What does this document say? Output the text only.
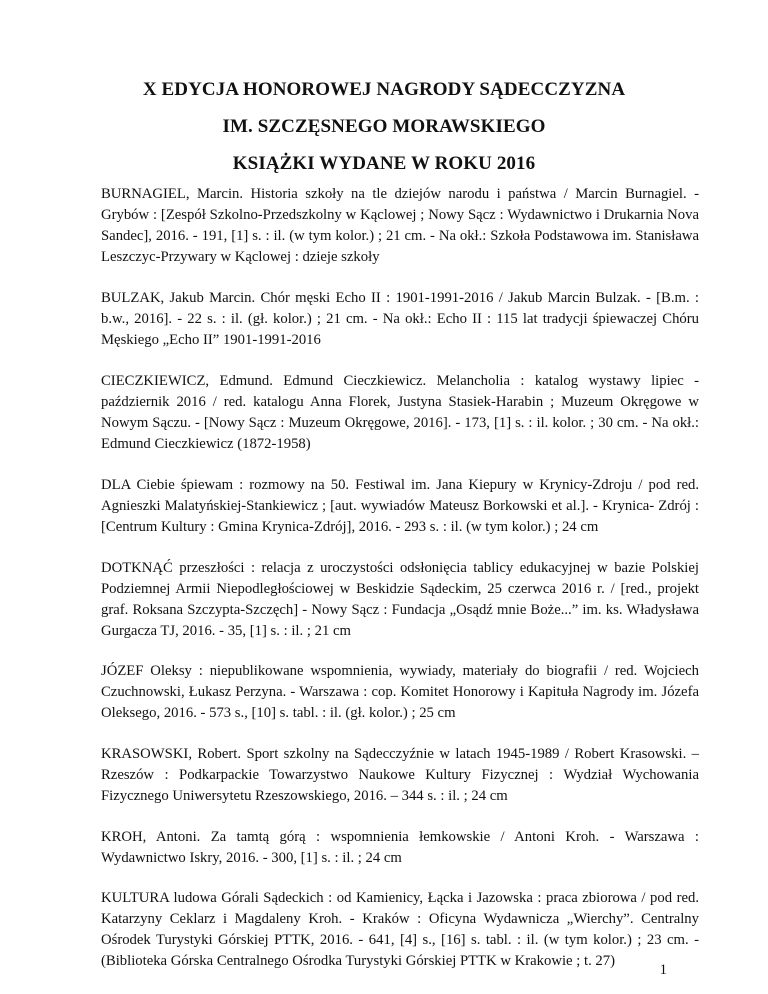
X EDYCJA HONOROWEJ NAGRODY SĄDECCZYZNA
IM. SZCZĘSNEGO MORAWSKIEGO
KSIĄŻKI WYDANE W ROKU 2016

BURNAGIEL, Marcin. Historia szkoły na tle dziejów narodu i państwa / Marcin Burnagiel. - Grybów : [Zespół Szkolno-Przedszkolny w Kąclowej ; Nowy Sącz : Wydawnictwo i Drukarnia Nova Sandec], 2016. - 191, [1] s. : il. (w tym kolor.) ; 21 cm. - Na okł.: Szkoła Podstawowa im. Stanisława Leszczyc-Przywary w Kąclowej : dzieje szkoły

BULZAK, Jakub Marcin. Chór męski Echo II : 1901-1991-2016 / Jakub Marcin Bulzak. - [B.m. : b.w., 2016]. - 22 s. : il. (gł. kolor.) ; 21 cm. - Na okł.: Echo II : 115 lat tradycji śpiewaczej Chóru Męskiego „Echo II” 1901-1991-2016

CIECZKIEWICZ, Edmund. Edmund Cieczkiewicz. Melancholia : katalog wystawy lipiec - październik 2016 / red. katalogu Anna Florek, Justyna Stasiek-Harabin ; Muzeum Okręgowe w Nowym Sączu. - [Nowy Sącz : Muzeum Okręgowe, 2016]. - 173, [1] s. : il. kolor. ; 30 cm. - Na okł.: Edmund Cieczkiewicz (1872-1958)

DLA Ciebie śpiewam : rozmowy na 50. Festiwal im. Jana Kiepury w Krynicy-Zdroju / pod red. Agnieszki Malatyńskiej-Stankiewicz ; [aut. wywiadów Mateusz Borkowski et al.]. - Krynica- Zdrój : [Centrum Kultury : Gmina Krynica-Zdrój], 2016. - 293 s. : il. (w tym kolor.) ; 24 cm

DOTKNĄĆ przeszłości : relacja z uroczystości odsłonięcia tablicy edukacyjnej w bazie Polskiej Podziemnej Armii Niepodległościowej w Beskidzie Sądeckim, 25 czerwca 2016 r. / [red., projekt graf. Roksana Szczypta-Szczęch] - Nowy Sącz : Fundacja „Osądź mnie Boże...” im. ks. Władysława Gurgacza TJ, 2016. - 35, [1] s. : il. ; 21 cm

JÓZEF Oleksy : niepublikowane wspomnienia, wywiady, materiały do biografii / red. Wojciech Czuchnowski, Łukasz Perzyna. - Warszawa : cop. Komitet Honorowy i Kapituła Nagrody im. Józefa Oleksego, 2016. - 573 s., [10] s. tabl. : il. (gł. kolor.) ; 25 cm

KRASOWSKI, Robert. Sport szkolny na Sądecczyźnie w latach 1945-1989 / Robert Krasowski. – Rzeszów : Podkarpackie Towarzystwo Naukowe Kultury Fizycznej : Wydział Wychowania Fizycznego Uniwersytetu Rzeszowskiego, 2016. – 344 s. : il. ; 24 cm

KROH, Antoni. Za tamtą górą : wspomnienia łemkowskie / Antoni Kroh. - Warszawa : Wydawnictwo Iskry, 2016. - 300, [1] s. : il. ; 24 cm

KULTURA ludowa Górali Sądeckich : od Kamienicy, Łącka i Jazowska : praca zbiorowa / pod red. Katarzyny Ceklarz i Magdaleny Kroh. - Kraków : Oficyna Wydawnicza „Wierchy”. Centralny Ośrodek Turystyki Górskiej PTTK, 2016. - 641, [4] s., [16] s. tabl. : il. (w tym kolor.) ; 23 cm. - (Biblioteka Górska Centralnego Ośrodka Turystyki Górskiej PTTK w Krakowie ; t. 27)

1
